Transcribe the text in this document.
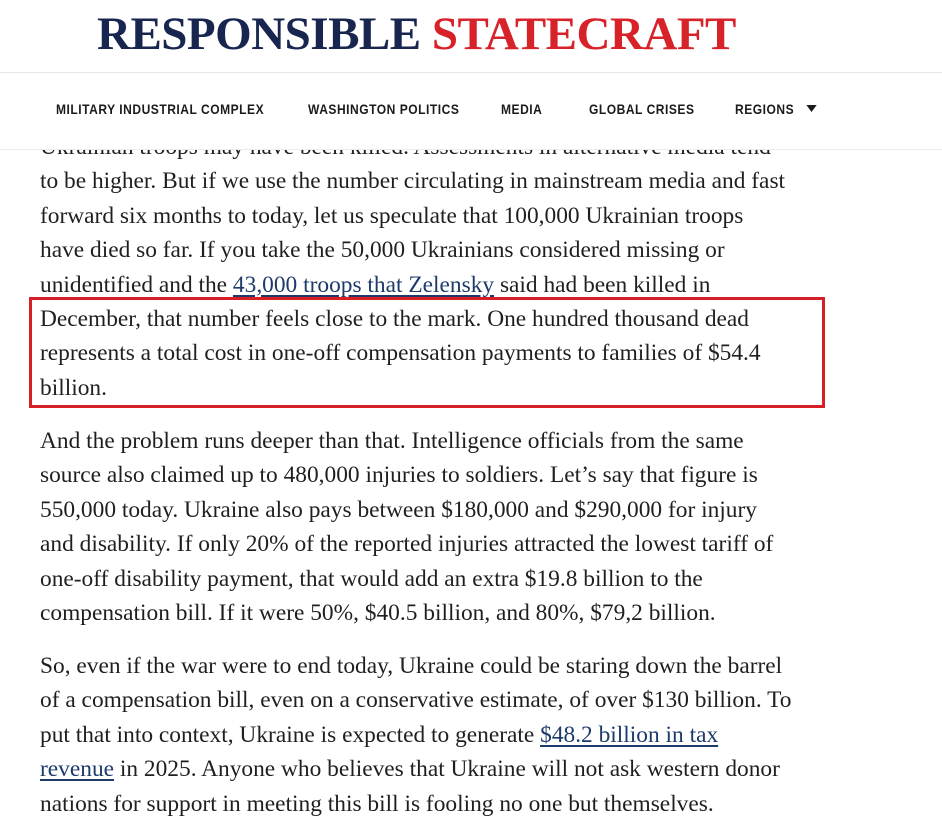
RESPONSIBLE STATECRAFT
MILITARY INDUSTRIAL COMPLEX	WASHINGTON POLITICS	MEDIA	GLOBAL CRISES	REGIONS

to be higher. But if we use the number circulating in mainstream media and fast
forward six months to today, let us speculate that 100,000 Ukrainian troops
have died so far. If you take the 50,000 Ukrainians considered missing or
unidentified and the 43,000 troops that Zelensky said had been killed in
December, that number feels close to the mark. One hundred thousand dead
represents a total cost in one-off compensation payments to families of $54.4
billion.

And the problem runs deeper than that. Intelligence officials from the same
source also claimed up to 480,000 injuries to soldiers. Let’s say that figure is
550,000 today. Ukraine also pays between $180,000 and $290,000 for injury
and disability. If only 20% of the reported injuries attracted the lowest tariff of
one-off disability payment, that would add an extra $19.8 billion to the
compensation bill. If it were 50%, $40.5 billion, and 80%, $79,2 billion.

So, even if the war were to end today, Ukraine could be staring down the barrel
of a compensation bill, even on a conservative estimate, of over $130 billion. To
put that into context, Ukraine is expected to generate $48.2 billion in tax
revenue in 2025. Anyone who believes that Ukraine will not ask western donor
nations for support in meeting this bill is fooling no one but themselves.
